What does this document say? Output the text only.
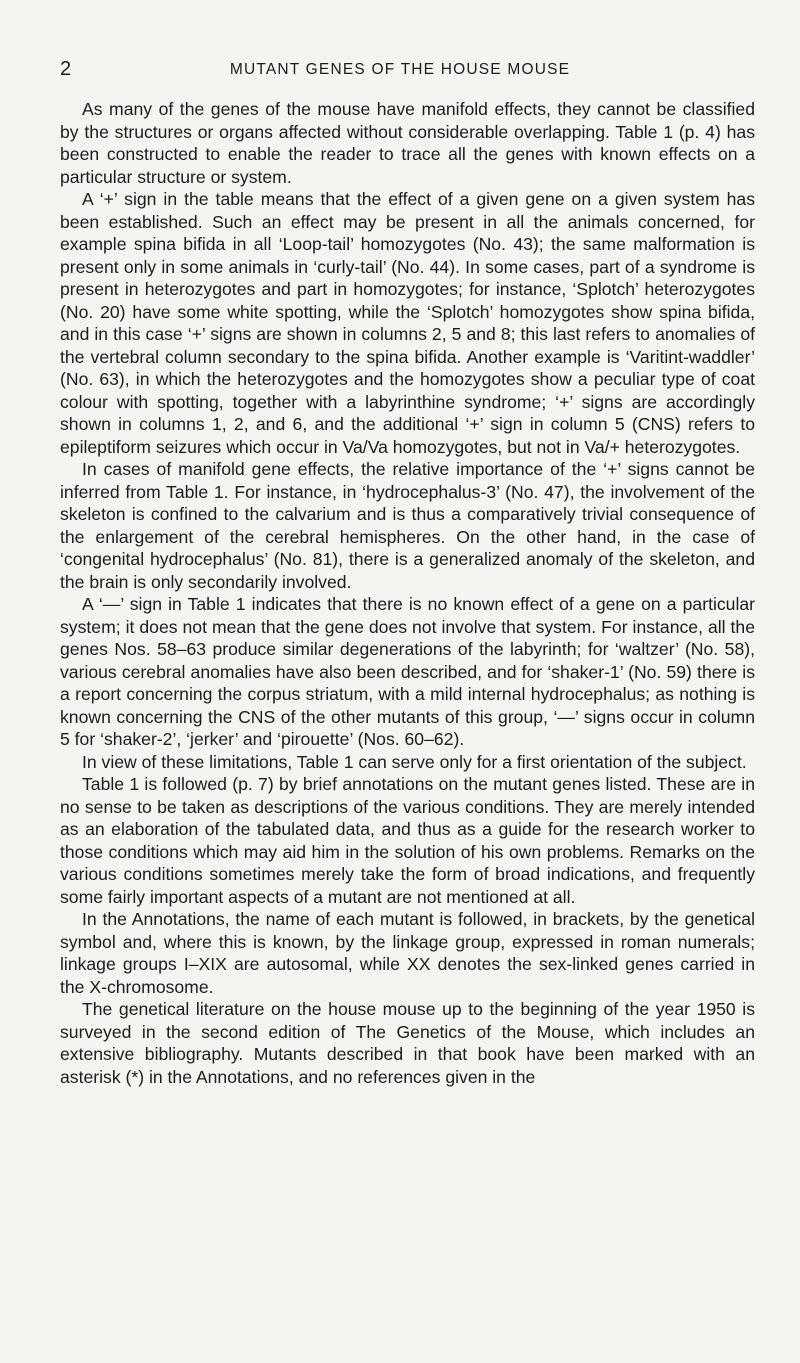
2	MUTANT GENES OF THE HOUSE MOUSE

As many of the genes of the mouse have manifold effects, they cannot be classified by the structures or organs affected without considerable overlapping. Table 1 (p. 4) has been constructed to enable the reader to trace all the genes with known effects on a particular structure or system.

A ‘+’ sign in the table means that the effect of a given gene on a given system has been established. Such an effect may be present in all the animals concerned, for example spina bifida in all ‘Loop-tail’ homozygotes (No. 43); the same malformation is present only in some animals in ‘curly-tail’ (No. 44). In some cases, part of a syndrome is present in heterozygotes and part in homozygotes; for instance, ‘Splotch’ heterozygotes (No. 20) have some white spotting, while the ‘Splotch’ homozygotes show spina bifida, and in this case ‘+’ signs are shown in columns 2, 5 and 8; this last refers to anomalies of the vertebral column secondary to the spina bifida. Another example is ‘Varitint-waddler’ (No. 63), in which the heterozygotes and the homozygotes show a peculiar type of coat colour with spotting, together with a labyrinthine syndrome; ‘+’ signs are accordingly shown in columns 1, 2, and 6, and the additional ‘+’ sign in column 5 (CNS) refers to epileptiform seizures which occur in Va/Va homozygotes, but not in Va/+ heterozygotes.

In cases of manifold gene effects, the relative importance of the ‘+’ signs cannot be inferred from Table 1. For instance, in ‘hydrocephalus-3’ (No. 47), the involvement of the skeleton is confined to the calvarium and is thus a comparatively trivial consequence of the enlargement of the cerebral hemispheres. On the other hand, in the case of ‘congenital hydrocephalus’ (No. 81), there is a generalized anomaly of the skeleton, and the brain is only secondarily involved.

A ‘—’ sign in Table 1 indicates that there is no known effect of a gene on a particular system; it does not mean that the gene does not involve that system. For instance, all the genes Nos. 58–63 produce similar degenerations of the labyrinth; for ‘waltzer’ (No. 58), various cerebral anomalies have also been described, and for ‘shaker-1’ (No. 59) there is a report concerning the corpus striatum, with a mild internal hydrocephalus; as nothing is known concerning the CNS of the other mutants of this group, ‘—’ signs occur in column 5 for ‘shaker-2’, ‘jerker’ and ‘pirouette’ (Nos. 60–62).

In view of these limitations, Table 1 can serve only for a first orientation of the subject.

Table 1 is followed (p. 7) by brief annotations on the mutant genes listed. These are in no sense to be taken as descriptions of the various conditions. They are merely intended as an elaboration of the tabulated data, and thus as a guide for the research worker to those conditions which may aid him in the solution of his own problems. Remarks on the various conditions sometimes merely take the form of broad indications, and frequently some fairly important aspects of a mutant are not mentioned at all.

In the Annotations, the name of each mutant is followed, in brackets, by the genetical symbol and, where this is known, by the linkage group, expressed in roman numerals; linkage groups I–XIX are autosomal, while XX denotes the sex-linked genes carried in the X-chromosome.

The genetical literature on the house mouse up to the beginning of the year 1950 is surveyed in the second edition of The Genetics of the Mouse, which includes an extensive bibliography. Mutants described in that book have been marked with an asterisk (*) in the Annotations, and no references given in the
